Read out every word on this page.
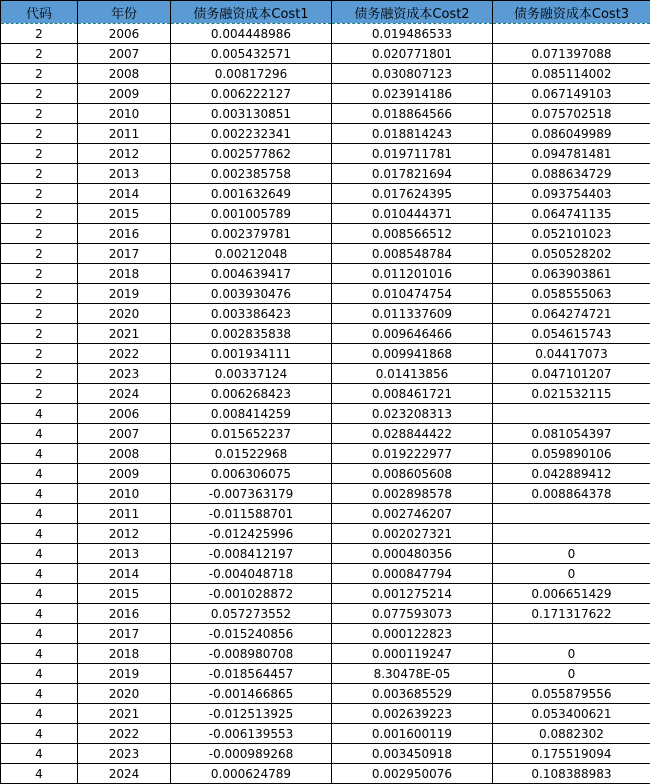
代码	年份	债务融资成本Cost1	债务融资成本Cost2	债务融资成本Cost3
2	2006	0.004448986	0.019486533	
2	2007	0.005432571	0.020771801	0.071397088
2	2008	0.00817296	0.030807123	0.085114002
2	2009	0.006222127	0.023914186	0.067149103
2	2010	0.003130851	0.018864566	0.075702518
2	2011	0.002232341	0.018814243	0.086049989
2	2012	0.002577862	0.019711781	0.094781481
2	2013	0.002385758	0.017821694	0.088634729
2	2014	0.001632649	0.017624395	0.093754403
2	2015	0.001005789	0.010444371	0.064741135
2	2016	0.002379781	0.008566512	0.052101023
2	2017	0.00212048	0.008548784	0.050528202
2	2018	0.004639417	0.011201016	0.063903861
2	2019	0.003930476	0.010474754	0.058555063
2	2020	0.003386423	0.011337609	0.064274721
2	2021	0.002835838	0.009646466	0.054615743
2	2022	0.001934111	0.009941868	0.04417073
2	2023	0.00337124	0.01413856	0.047101207
2	2024	0.006268423	0.008461721	0.021532115
4	2006	0.008414259	0.023208313	
4	2007	0.015652237	0.028844422	0.081054397
4	2008	0.01522968	0.019222977	0.059890106
4	2009	0.006306075	0.008605608	0.042889412
4	2010	-0.007363179	0.002898578	0.008864378
4	2011	-0.011588701	0.002746207	
4	2012	-0.012425996	0.002027321	
4	2013	-0.008412197	0.000480356	0
4	2014	-0.004048718	0.000847794	0
4	2015	-0.001028872	0.001275214	0.006651429
4	2016	0.057273552	0.077593073	0.171317622
4	2017	-0.015240856	0.000122823	
4	2018	-0.008980708	0.000119247	0
4	2019	-0.018564457	8.30478E-05	0
4	2020	-0.001466865	0.003685529	0.055879556
4	2021	-0.012513925	0.002639223	0.053400621
4	2022	-0.006139553	0.001600119	0.0882302
4	2023	-0.000989268	0.003450918	0.175519094
4	2024	0.000624789	0.002950076	0.108388983
